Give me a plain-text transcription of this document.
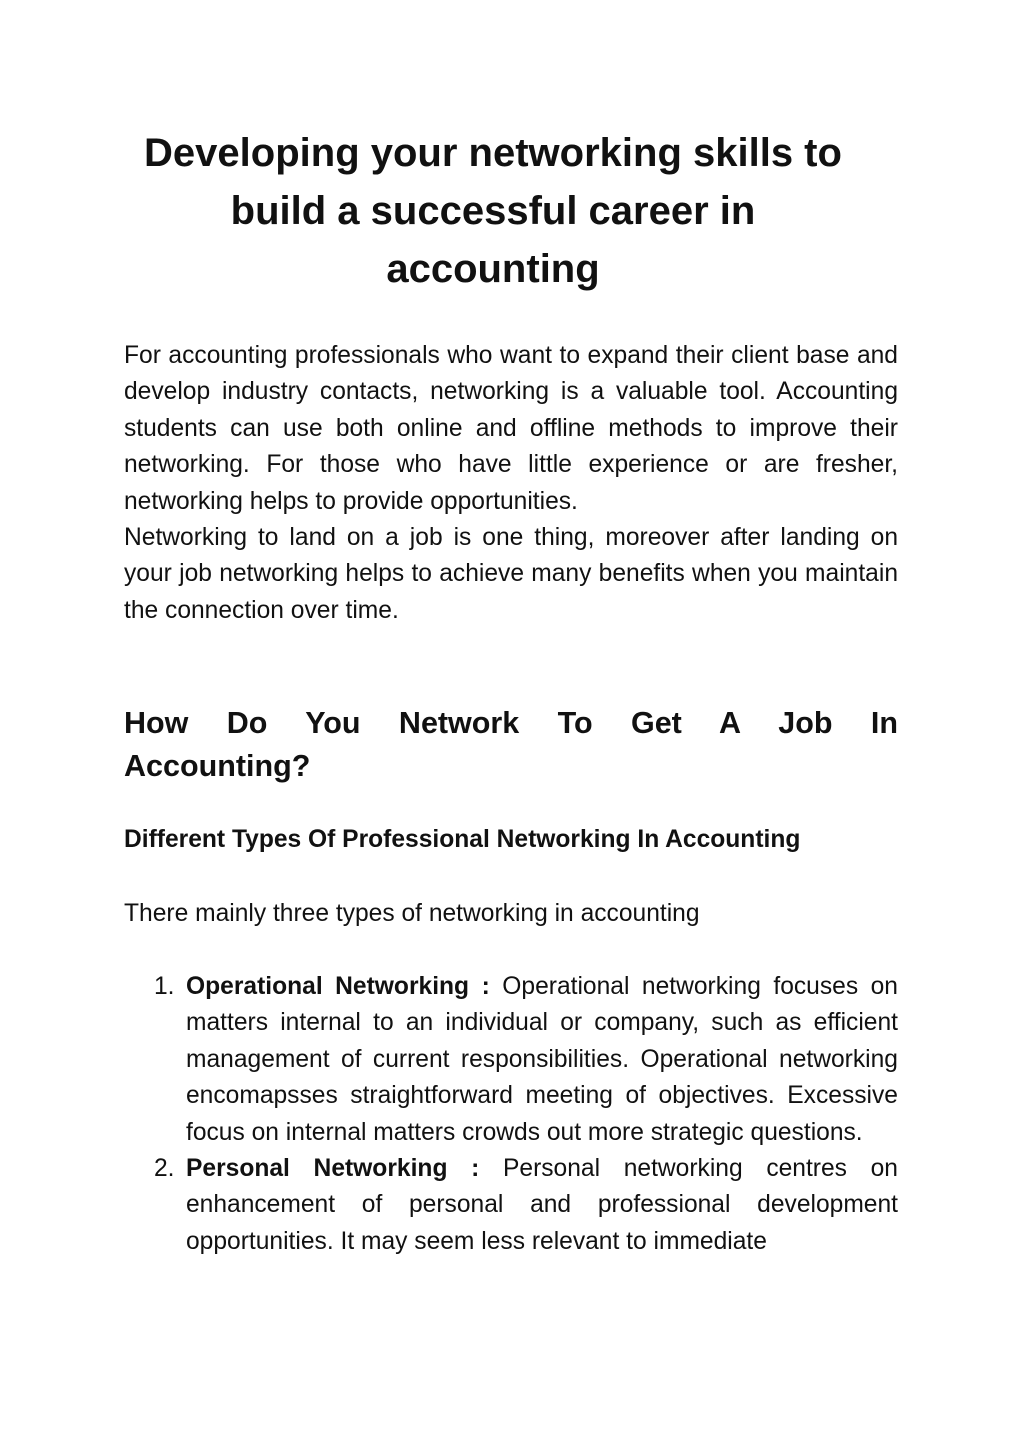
Developing your networking skills to build a successful career in accounting

For accounting professionals who want to expand their client base and develop industry contacts, networking is a valuable tool. Accounting students can use both online and offline methods to improve their networking. For those who have little experience or are fresher, networking helps to provide opportunities.

Networking to land on a job is one thing, moreover after landing on your job networking helps to achieve many benefits when you maintain the connection over time.

How Do You Network To Get A Job In
Accounting?
Different Types Of Professional Networking In Accounting

There mainly three types of networking in accounting

1. Operational Networking : Operational networking focuses on matters internal to an individual or company, such as efficient management of current responsibilities. Operational networking encomapsses straightforward meeting of objectives. Excessive focus on internal matters crowds out more strategic questions.
2. Personal Networking : Personal networking centres on enhancement of personal and professional development opportunities. It may seem less relevant to immediate
